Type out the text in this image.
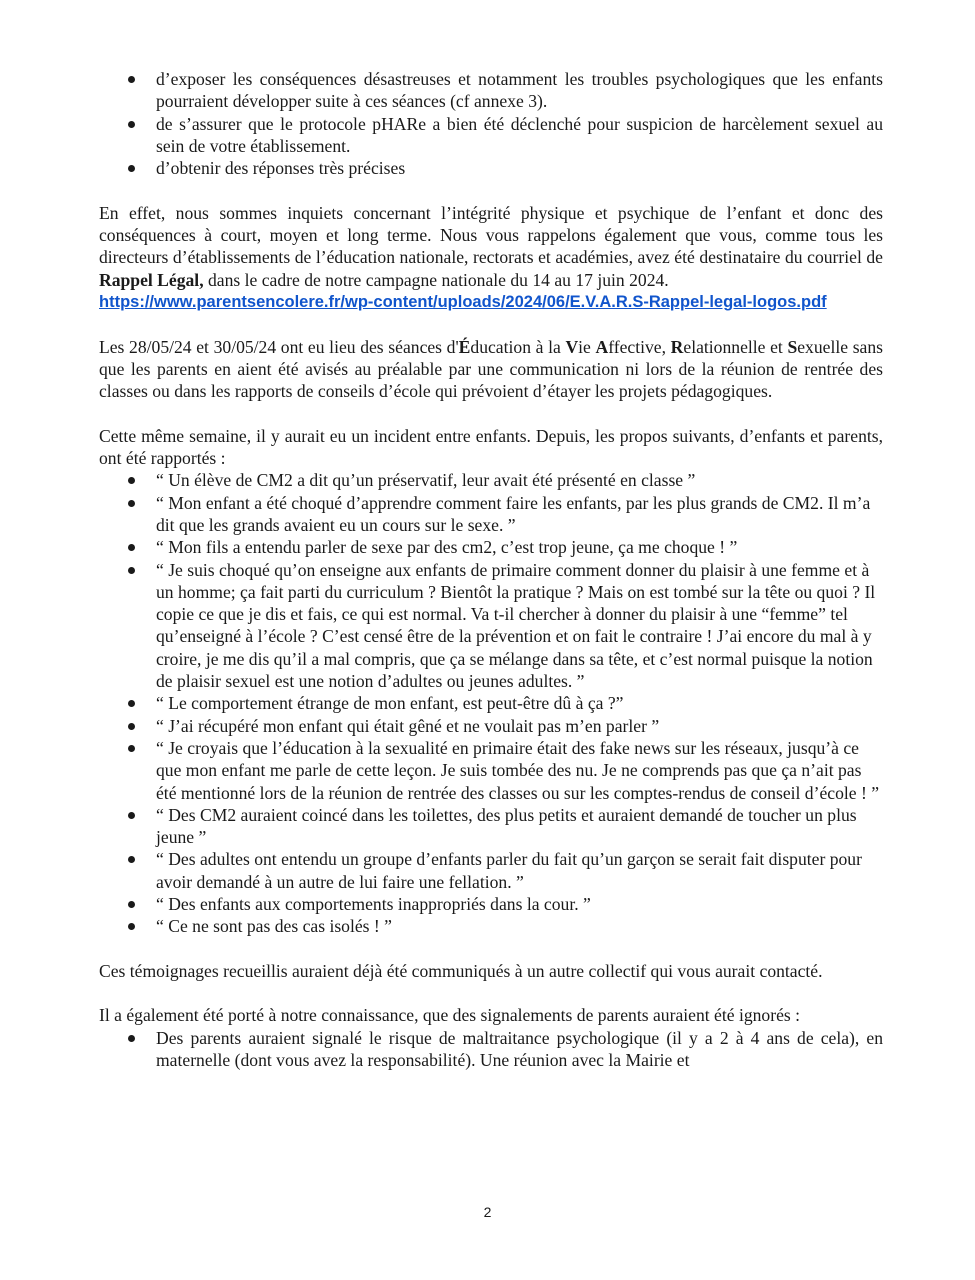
d’exposer les conséquences désastreuses et notamment les troubles psychologiques que les enfants pourraient développer suite à ces séances (cf annexe 3).
de s’assurer que le protocole pHARe a bien été déclenché pour suspicion de harcèlement sexuel au sein de votre établissement.
d’obtenir des réponses très précises

En effet, nous sommes inquiets concernant l’intégrité physique et psychique de l’enfant et donc des conséquences à court, moyen et long terme. Nous vous rappelons également que vous, comme tous les directeurs d’établissements de l’éducation nationale, rectorats et académies, avez été destinataire du courriel de Rappel Légal, dans le cadre de notre campagne nationale du 14 au 17 juin 2024.

https://www.parentsencolere.fr/wp-content/uploads/2024/06/E.V.A.R.S-Rappel-legal-logos.pdf

Les 28/05/24 et 30/05/24 ont eu lieu des séances d'Éducation à la Vie Affective, Relationnelle et Sexuelle sans que les parents en aient été avisés au préalable par une communication ni lors de la réunion de rentrée des classes ou dans les rapports de conseils d’école qui prévoient d’étayer les projets pédagogiques.

Cette même semaine, il y aurait eu un incident entre enfants. Depuis, les propos suivants, d’enfants et parents, ont été rapportés :

“ Un élève de CM2 a dit qu’un préservatif, leur avait été présenté en classe ”
“ Mon enfant a été choqué d’apprendre comment faire les enfants, par les plus grands de CM2. Il m’a dit que les grands avaient eu un cours sur le sexe. ”
“ Mon fils a entendu parler de sexe par des cm2, c’est trop jeune, ça me choque ! ”
“ Je suis choqué qu’on enseigne aux enfants de primaire comment donner du plaisir à une femme et à un homme; ça fait parti du curriculum ? Bientôt la pratique ? Mais on est tombé sur la tête ou quoi ? Il copie ce que je dis et fais, ce qui est normal. Va t-il chercher à donner du plaisir à une “femme” tel qu’enseigné à l’école ? C’est censé être de la prévention et on fait le contraire ! J’ai encore du mal à y croire, je me dis qu’il a mal compris, que ça se mélange dans sa tête, et c’est normal puisque la notion de plaisir sexuel est une notion d’adultes ou jeunes adultes. ”
“ Le comportement étrange de mon enfant, est peut-être dû à ça ?”
“ J’ai récupéré mon enfant qui était gêné et ne voulait pas m’en parler ”
“ Je croyais que l’éducation à la sexualité en primaire était des fake news sur les réseaux, jusqu’à ce que mon enfant me parle de cette leçon. Je suis tombée des nu. Je ne comprends pas que ça n’ait pas été mentionné lors de la réunion de rentrée des classes ou sur les comptes-rendus de conseil d’école ! ”
“ Des CM2 auraient coincé dans les toilettes, des plus petits et auraient demandé de toucher un plus jeune ”
“ Des adultes ont entendu un groupe d’enfants parler du fait qu’un garçon se serait fait disputer pour avoir demandé à un autre de lui faire une fellation. ”
“ Des enfants aux comportements inappropriés dans la cour. ”
“ Ce ne sont pas des cas isolés ! ”

Ces témoignages recueillis auraient déjà été communiqués à un autre collectif qui vous aurait contacté.

Il a également été porté à notre connaissance, que des signalements de parents auraient été ignorés :

Des parents auraient signalé le risque de maltraitance psychologique (il y a 2 à 4 ans de cela), en maternelle (dont vous avez la responsabilité). Une réunion avec la Mairie et
2
